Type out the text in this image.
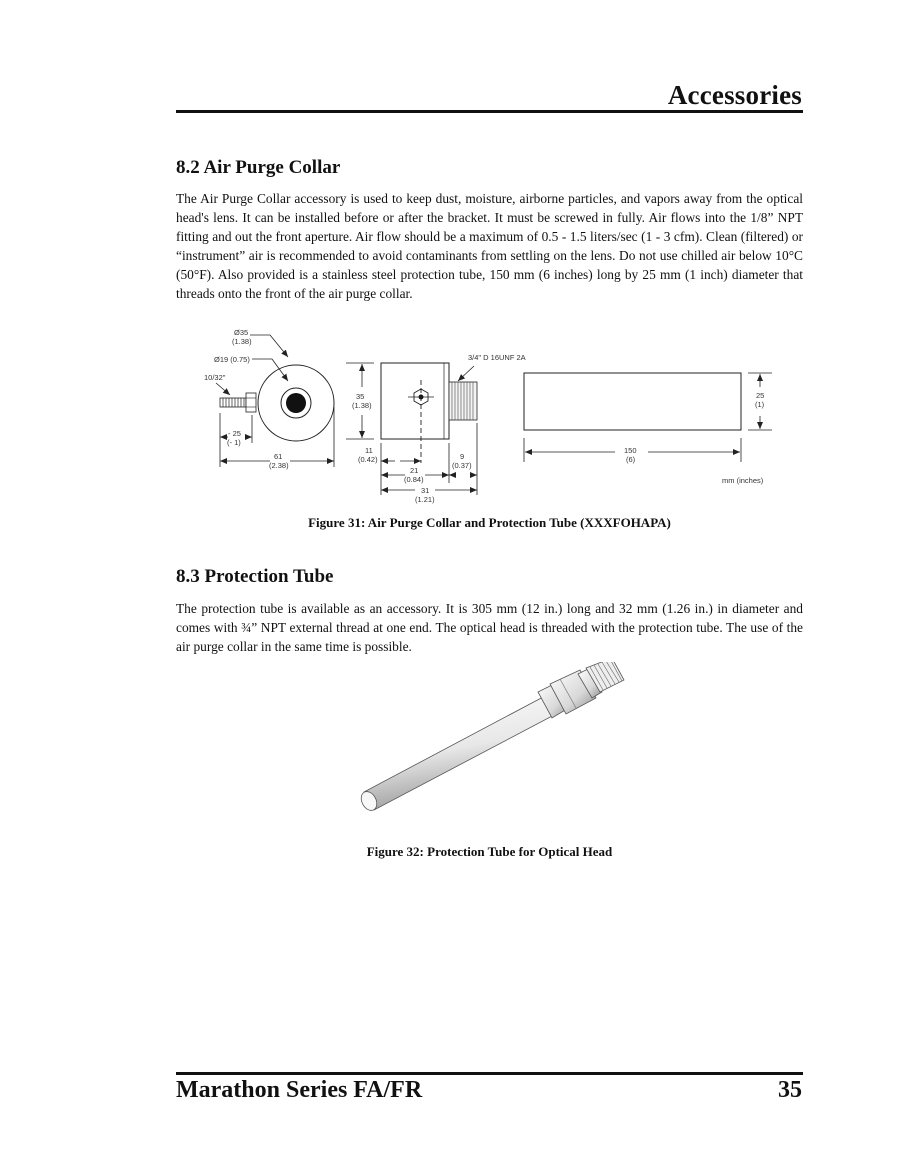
Accessories
8.2 Air Purge Collar
The Air Purge Collar accessory is used to keep dust, moisture, airborne particles, and vapors away from the optical head's lens. It can be installed before or after the bracket. It must be screwed in fully. Air flows into the 1/8” NPT fitting and out the front aperture. Air flow should be a maximum of 0.5 - 1.5 liters/sec (1 - 3 cfm). Clean (filtered) or “instrument” air is recommended to avoid contaminants from settling on the lens. Do not use chilled air below 10°C (50°F). Also provided is a stainless steel protection tube, 150 mm (6 inches) long by 25 mm (1 inch) diameter that threads onto the front of the air purge collar.
Ø35
(1.38)
Ø19 (0.75)
10/32"
- 25
(- 1)
61
(2.38)
35
(1.38)
3/4" D 16UNF 2A
11
(0.42)
21
(0.84)
9
(0.37)
31
(1.21)
25
(1)
150
(6)
mm (inches)
Figure 31: Air Purge Collar and Protection Tube (XXXFOHAPA)
8.3 Protection Tube
The protection tube is available as an accessory. It is 305 mm (12 in.) long and 32 mm (1.26 in.) in diameter and comes with ¾” NPT external thread at one end. The optical head is threaded with the protection tube. The use of the air purge collar in the same time is possible.
Figure 32: Protection Tube for Optical Head
Marathon Series FA/FR	35
